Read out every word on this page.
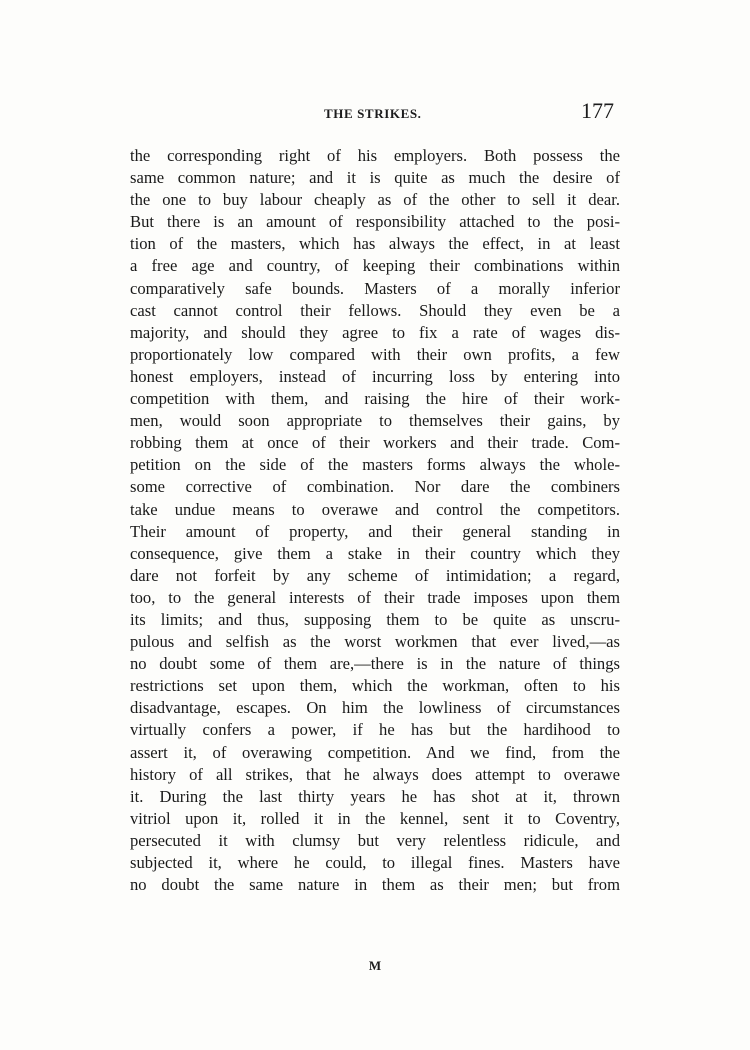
THE STRIKES.	177
the corresponding right of his employers. Both possess the
same common nature; and it is quite as much the desire of
the one to buy labour cheaply as of the other to sell it dear.
But there is an amount of responsibility attached to the posi-
tion of the masters, which has always the effect, in at least
a free age and country, of keeping their combinations within
comparatively safe bounds. Masters of a morally inferior
cast cannot control their fellows. Should they even be a
majority, and should they agree to fix a rate of wages dis-
proportionately low compared with their own profits, a few
honest employers, instead of incurring loss by entering into
competition with them, and raising the hire of their work-
men, would soon appropriate to themselves their gains, by
robbing them at once of their workers and their trade. Com-
petition on the side of the masters forms always the whole-
some corrective of combination. Nor dare the combiners
take undue means to overawe and control the competitors.
Their amount of property, and their general standing in
consequence, give them a stake in their country which they
dare not forfeit by any scheme of intimidation; a regard,
too, to the general interests of their trade imposes upon them
its limits; and thus, supposing them to be quite as unscru-
pulous and selfish as the worst workmen that ever lived,—as
no doubt some of them are,—there is in the nature of things
restrictions set upon them, which the workman, often to his
disadvantage, escapes. On him the lowliness of circumstances
virtually confers a power, if he has but the hardihood to
assert it, of overawing competition. And we find, from the
history of all strikes, that he always does attempt to overawe
it. During the last thirty years he has shot at it, thrown
vitriol upon it, rolled it in the kennel, sent it to Coventry,
persecuted it with clumsy but very relentless ridicule, and
subjected it, where he could, to illegal fines. Masters have
no doubt the same nature in them as their men; but from
M
